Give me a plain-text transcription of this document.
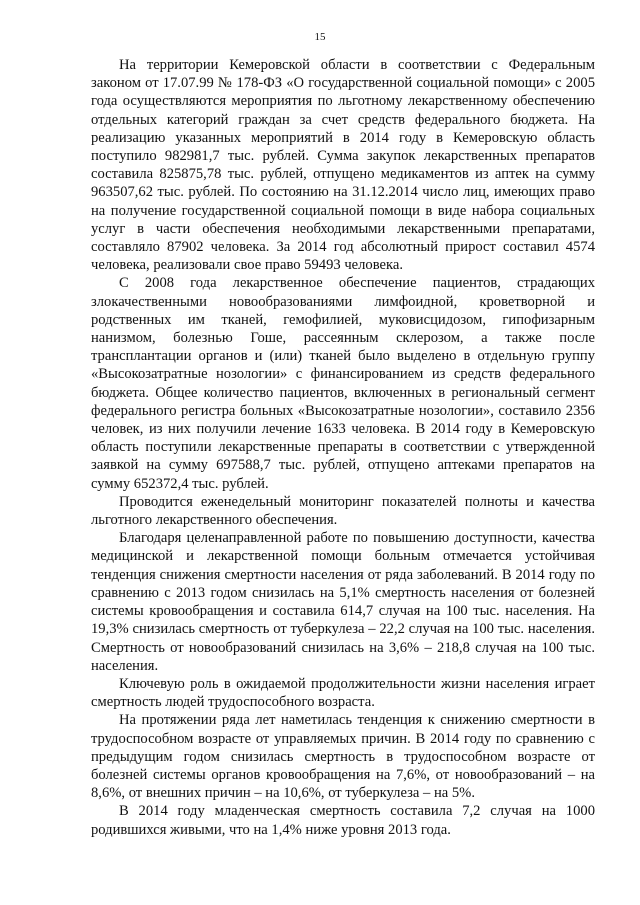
15

На территории Кемеровской области в соответствии с Федеральным законом от 17.07.99 № 178-ФЗ «О государственной социальной помощи» с 2005 года осуществляются мероприятия по льготному лекарственному обеспечению отдельных категорий граждан за счет средств федерального бюджета. На реализацию указанных мероприятий в 2014 году в Кемеровскую область поступило 982981,7 тыс. рублей. Сумма закупок лекарственных препаратов составила 825875,78 тыс. рублей, отпущено медикаментов из аптек на сумму 963507,62 тыс. рублей. По состоянию на 31.12.2014 число лиц, имеющих право на получение государственной социальной помощи в виде набора социальных услуг в части обеспечения необходимыми лекарственными препаратами, составляло 87902 человека. За 2014 год абсолютный прирост составил 4574 человека, реализовали свое право 59493 человека.

С 2008 года лекарственное обеспечение пациентов, страдающих злокачественными новообразованиями лимфоидной, кроветворной и родственных им тканей, гемофилией, муковисцидозом, гипофизарным нанизмом, болезнью Гоше, рассеянным склерозом, а также после трансплантации органов и (или) тканей было выделено в отдельную группу «Высокозатратные нозологии» с финансированием из средств федерального бюджета. Общее количество пациентов, включенных в региональный сегмент федерального регистра больных «Высокозатратные нозологии», составило 2356 человек, из них получили лечение 1633 человека. В 2014 году в Кемеровскую область поступили лекарственные препараты в соответствии с утвержденной заявкой на сумму 697588,7 тыс. рублей, отпущено аптеками препаратов на сумму 652372,4 тыс. рублей.

Проводится еженедельный мониторинг показателей полноты и качества льготного лекарственного обеспечения.

Благодаря целенаправленной работе по повышению доступности, качества медицинской и лекарственной помощи больным отмечается устойчивая тенденция снижения смертности населения от ряда заболеваний. В 2014 году по сравнению с 2013 годом снизилась на 5,1% смертность населения от болезней системы кровообращения и составила 614,7 случая на 100 тыс. населения. На 19,3% снизилась смертность от туберкулеза – 22,2 случая на 100 тыс. населения. Смертность от новообразований снизилась на 3,6% – 218,8 случая на 100 тыс. населения.

Ключевую роль в ожидаемой продолжительности жизни населения играет смертность людей трудоспособного возраста.

На протяжении ряда лет наметилась тенденция к снижению смертности в трудоспособном возрасте от управляемых причин. В 2014 году по сравнению с предыдущим годом снизилась смертность в трудоспособном возрасте от болезней системы органов кровообращения на 7,6%, от новообразований – на 8,6%, от внешних причин – на 10,6%, от туберкулеза – на 5%.

В 2014 году младенческая смертность составила 7,2 случая на 1000 родившихся живыми, что на 1,4% ниже уровня 2013 года.
